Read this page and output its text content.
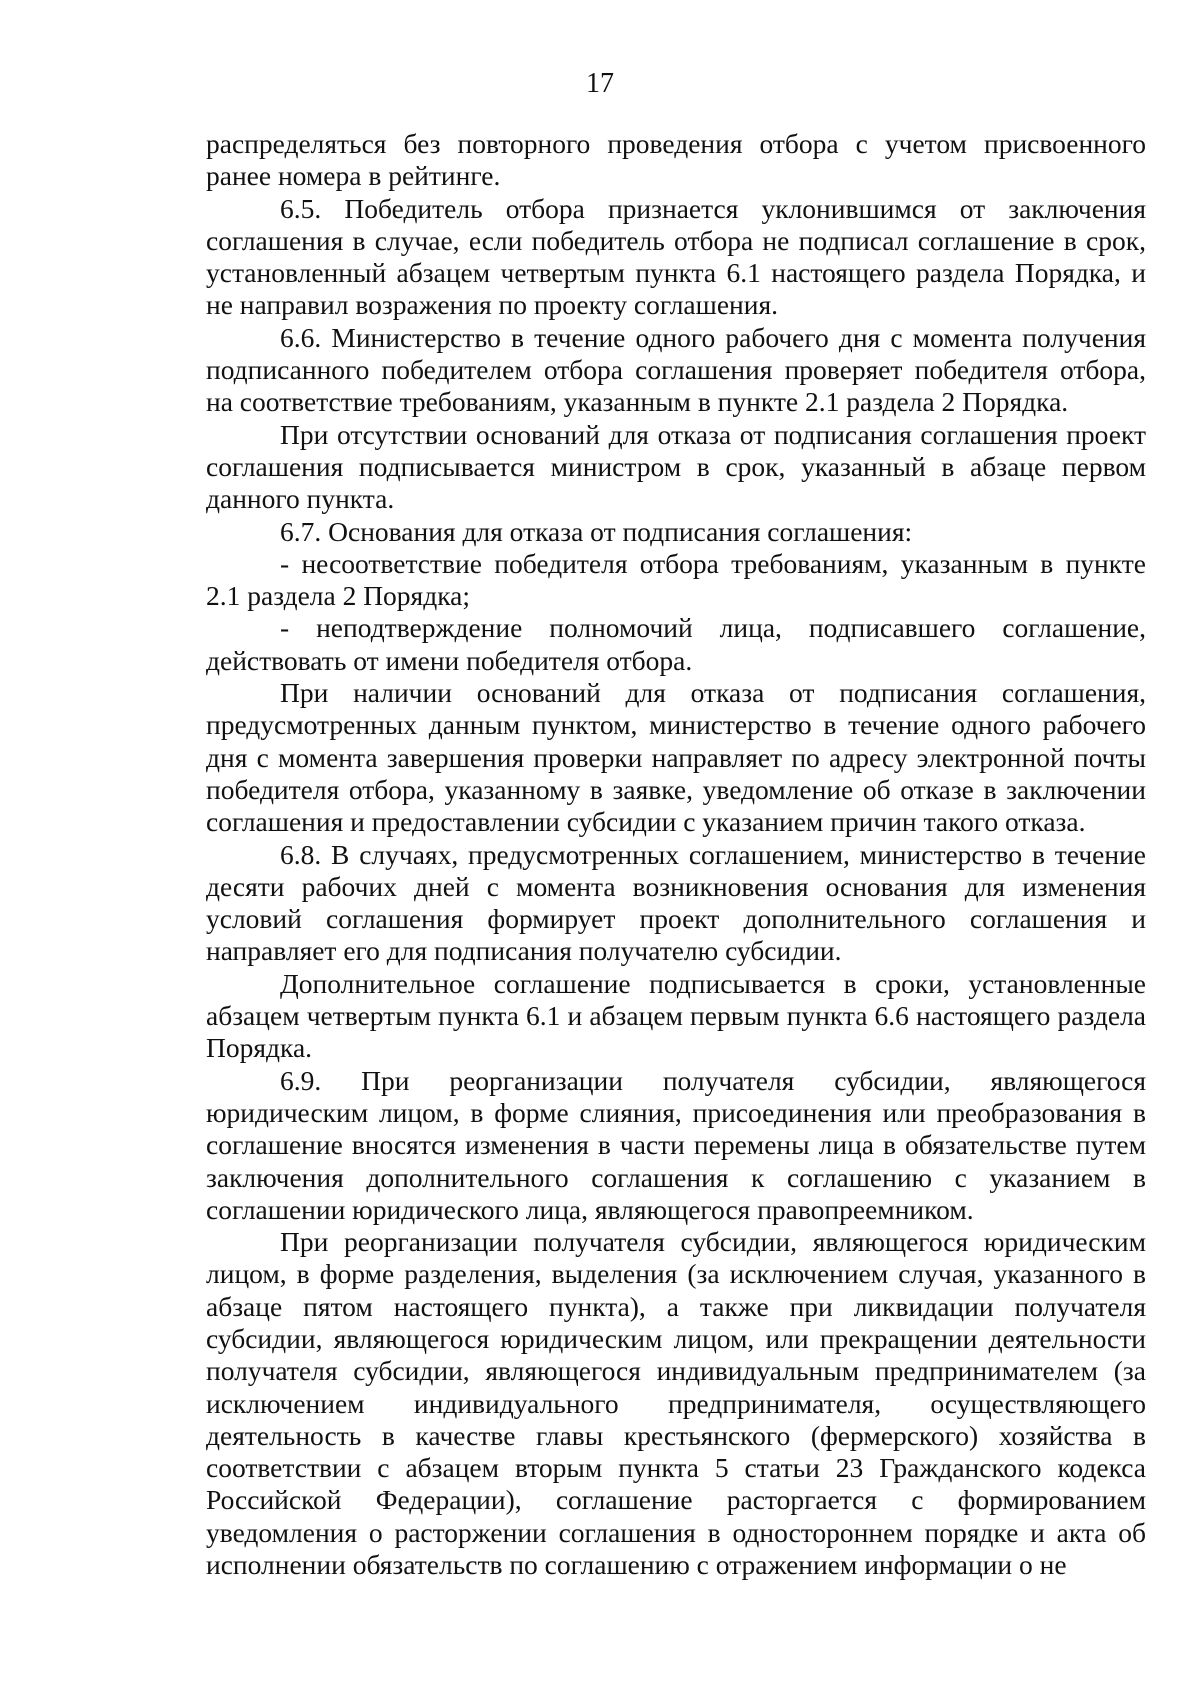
17

распределяться без повторного проведения отбора с учетом присвоенного ранее номера в рейтинге.

6.5. Победитель отбора признается уклонившимся от заключения соглашения в случае, если победитель отбора не подписал соглашение в срок, установленный абзацем четвертым пункта 6.1 настоящего раздела Порядка, и не направил возражения по проекту соглашения.

6.6. Министерство в течение одного рабочего дня с момента получения подписанного победителем отбора соглашения проверяет победителя отбора, на соответствие требованиям, указанным в пункте 2.1 раздела 2 Порядка.

При отсутствии оснований для отказа от подписания соглашения проект соглашения подписывается министром в срок, указанный в абзаце первом данного пункта.

6.7. Основания для отказа от подписания соглашения:

- несоответствие победителя отбора требованиям, указанным в пункте 2.1 раздела 2 Порядка;

- неподтверждение полномочий лица, подписавшего соглашение, действовать от имени победителя отбора.

При наличии оснований для отказа от подписания соглашения, предусмотренных данным пунктом, министерство в течение одного рабочего дня с момента завершения проверки направляет по адресу электронной почты победителя отбора, указанному в заявке, уведомление об отказе в заключении соглашения и предоставлении субсидии с указанием причин такого отказа.

6.8. В случаях, предусмотренных соглашением, министерство в течение десяти рабочих дней с момента возникновения основания для изменения условий соглашения формирует проект дополнительного соглашения и направляет его для подписания получателю субсидии.

Дополнительное соглашение подписывается в сроки, установленные абзацем четвертым пункта 6.1 и абзацем первым пункта 6.6 настоящего раздела Порядка.

6.9. При реорганизации получателя субсидии, являющегося юридическим лицом, в форме слияния, присоединения или преобразования в соглашение вносятся изменения в части перемены лица в обязательстве путем заключения дополнительного соглашения к соглашению с указанием в соглашении юридического лица, являющегося правопреемником.

При реорганизации получателя субсидии, являющегося юридическим лицом, в форме разделения, выделения (за исключением случая, указанного в абзаце пятом настоящего пункта), а также при ликвидации получателя субсидии, являющегося юридическим лицом, или прекращении деятельности получателя субсидии, являющегося индивидуальным предпринимателем (за исключением индивидуального предпринимателя, осуществляющего деятельность в качестве главы крестьянского (фермерского) хозяйства в соответствии с абзацем вторым пункта 5 статьи 23 Гражданского кодекса Российской Федерации), соглашение расторгается с формированием уведомления о расторжении соглашения в одностороннем порядке и акта об исполнении обязательств по соглашению с отражением информации о не
